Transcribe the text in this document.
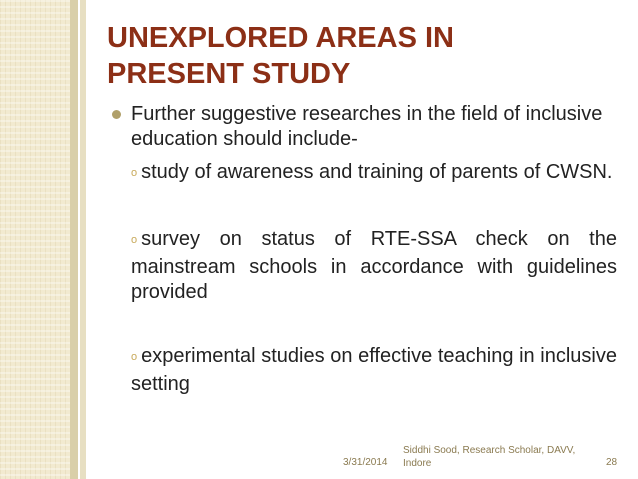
UNEXPLORED AREAS IN
PRESENT STUDY
Further suggestive researches in the field of inclusive education should include-
o study of awareness and training of parents of CWSN.
o survey on status of RTE-SSA check on the mainstream schools in accordance with guidelines provided
o experimental studies on effective teaching in inclusive setting
3/31/2014
Siddhi Sood, Research Scholar, DAVV, Indore	28
